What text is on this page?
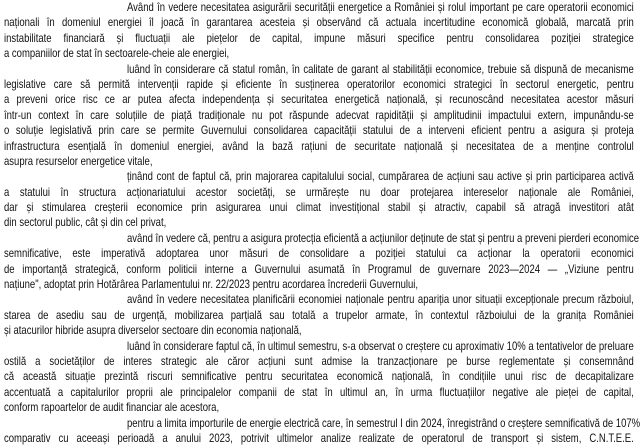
Având în vedere necesitatea asigurării securității energetice a României și rolul important pe care operatorii economici
naționali în domeniul energiei îl joacă în garantarea acesteia și observând că actuala incertitudine economică globală, marcată prin
instabilitate financiară și fluctuații ale piețelor de capital, impune măsuri specifice pentru consolidarea poziției strategice
a companiilor de stat în sectoarele-cheie ale energiei,
luând în considerare că statul român, în calitate de garant al stabilității economice, trebuie să dispună de mecanisme
legislative care să permită intervenții rapide și eficiente în susținerea operatorilor economici strategici în sectorul energetic, pentru
a preveni orice risc ce ar putea afecta independența și securitatea energetică națională, și recunoscând necesitatea acestor măsuri
într-un context în care soluțiile de piață tradiționale nu pot răspunde adecvat rapidității și amplitudinii impactului extern, impunându-se
o soluție legislativă prin care se permite Guvernului consolidarea capacității statului de a interveni eficient pentru a asigura și proteja
infrastructura esențială în domeniul energiei, având la bază rațiuni de securitate națională și necesitatea de a menține controlul
asupra resurselor energetice vitale,
ținând cont de faptul că, prin majorarea capitalului social, cumpărarea de acțiuni sau active și prin participarea activă
a statului în structura acționariatului acestor societăți, se urmărește nu doar protejarea intereselor naționale ale României,
dar și stimularea creșterii economice prin asigurarea unui climat investițional stabil și atractiv, capabil să atragă investitori atât
din sectorul public, cât și din cel privat,
având în vedere că, pentru a asigura protecția eficientă a acțiunilor deținute de stat și pentru a preveni pierderi economice
semnificative, este imperativă adoptarea unor măsuri de consolidare a poziției statului ca acționar la operatorii economici
de importanță strategică, conform politicii interne a Guvernului asumată în Programul de guvernare 2023—2024 — „Viziune pentru
națiune", adoptat prin Hotărârea Parlamentului nr. 22/2023 pentru acordarea încrederii Guvernului,
având în vedere necesitatea planificării economiei naționale pentru apariția unor situații excepționale precum războiul,
starea de asediu sau de urgență, mobilizarea parțială sau totală a trupelor armate, în contextul războiului de la granița României
și atacurilor hibride asupra diverselor sectoare din economia națională,
luând în considerare faptul că, în ultimul semestru, s-a observat o creștere cu aproximativ 10% a tentativelor de preluare
ostilă a societăților de interes strategic ale căror acțiuni sunt admise la tranzacționare pe burse reglementate și consemnând
că această situație prezintă riscuri semnificative pentru securitatea economică națională, în condițiile unui risc de decapitalizare
accentuată a capitalurilor proprii ale principalelor companii de stat în ultimul an, în urma fluctuațiilor negative ale pieței de capital,
conform rapoartelor de audit financiar ale acestora,
pentru a limita importurile de energie electrică care, în semestrul I din 2024, înregistrând o creștere semnificativă de 107%
comparativ cu aceeași perioadă a anului 2023, potrivit ultimelor analize realizate de operatorul de transport și sistem, C.N.T.E.E.
